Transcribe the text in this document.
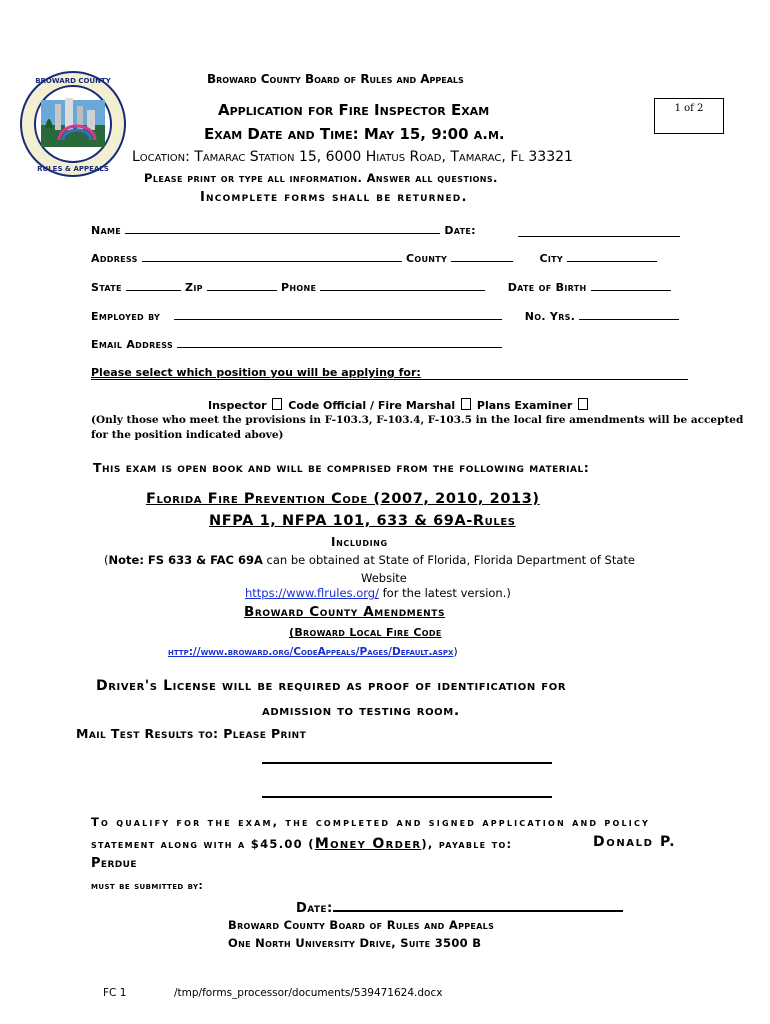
BROWARD COUNTY
RULES & APPEALS
Broward County Board of Rules and Appeals
Application for Fire Inspector Exam	1 of 2
Exam Date and Time: May 15, 9:00 a.m.
Location: Tamarac Station 15, 6000 Hiatus Road, Tamarac, Fl 33321
Please print or type all information. Answer all questions.
Incomplete forms shall be returned.
Name	Date:
Address	County	City
State	Zip	Phone	Date of Birth
Employed by	No. Yrs.
Email Address
Please select which position you will be applying for:
Inspector Code Official / Fire Marshal Plans Examiner
(Only those who meet the provisions in F-103.3, F-103.4, F-103.5 in the local fire amendments will be accepted
for the position indicated above)
This exam is open book and will be comprised from the following material:
Florida Fire Prevention Code (2007, 2010, 2013)
NFPA 1, NFPA 101, 633 & 69A-Rules
Including
(Note: FS 633 & FAC 69A can be obtained at State of Florida, Florida Department of State
Website
https://www.flrules.org/ for the latest version.)
Broward County Amendments
(Broward Local Fire Code
http://www.broward.org/CodeAppeals/Pages/Default.aspx)
Driver's License will be required as proof of identification for
admission to testing room.
Mail Test Results to: Please Print
To qualify for the exam, the completed and signed application and policy
statement along with a $45.00 (Money Order), payable to:	Donald P.
Perdue
must be submitted by:
Date:
Broward County Board of Rules and Appeals
One North University Drive, Suite 3500 B
FC 1	/tmp/forms_processor/documents/539471624.docx
